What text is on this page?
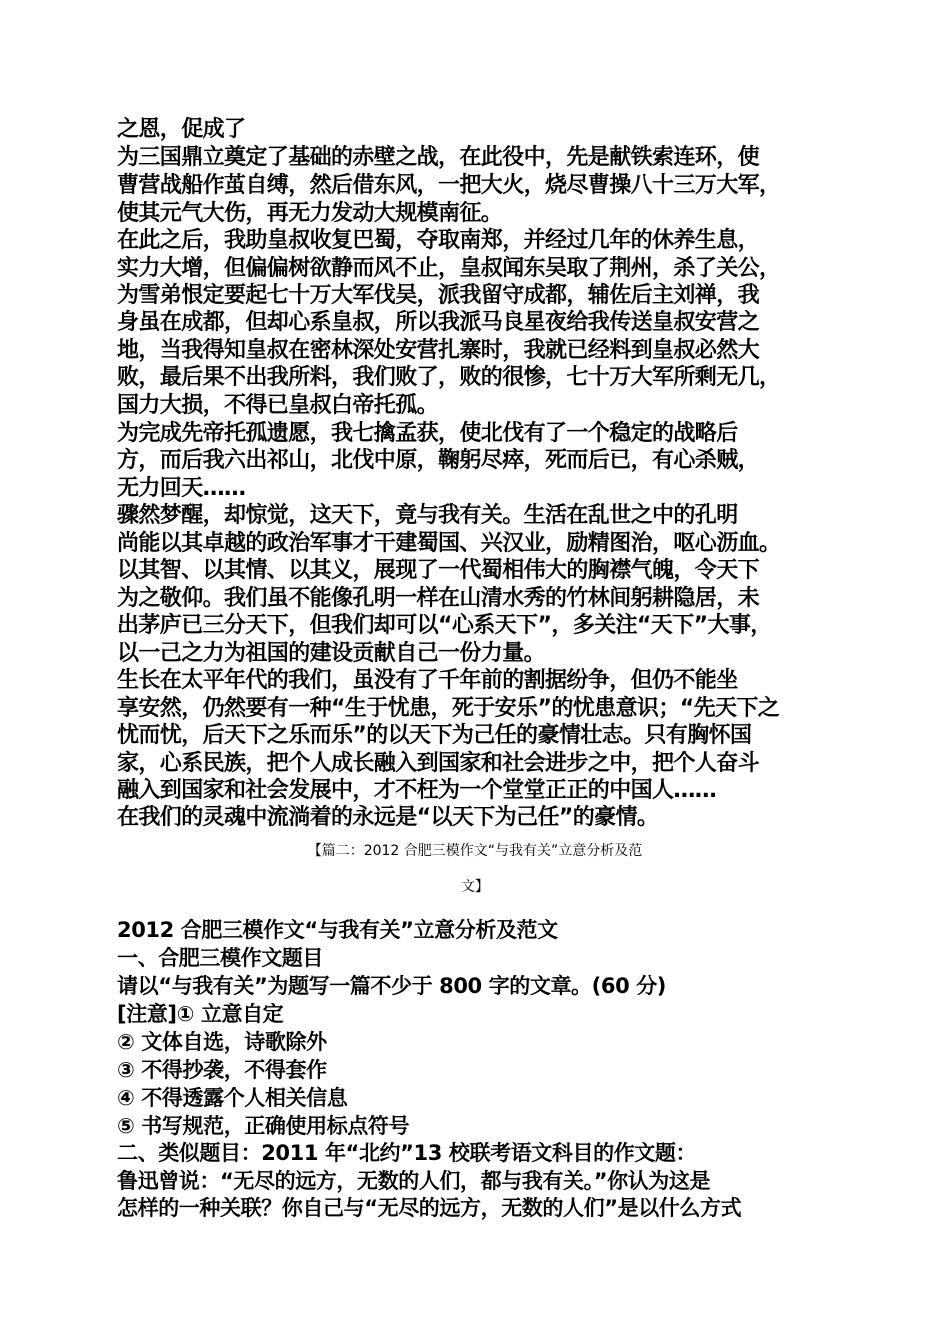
之恩，促成了

为三国鼎立奠定了基础的赤壁之战，在此役中，先是献铁索连环，使

曹营战船作茧自缚，然后借东风，一把大火，烧尽曹操八十三万大军，

使其元气大伤，再无力发动大规模南征。

在此之后，我助皇叔收复巴蜀，夺取南郑，并经过几年的休养生息，

实力大增，但偏偏树欲静而风不止，皇叔闻东吴取了荆州，杀了关公，

为雪弟恨定要起七十万大军伐吴，派我留守成都，辅佐后主刘禅，我

身虽在成都，但却心系皇叔，所以我派马良星夜给我传送皇叔安营之

地，当我得知皇叔在密林深处安营扎寨时，我就已经料到皇叔必然大

败，最后果不出我所料，我们败了，败的很惨，七十万大军所剩无几，

国力大损，不得已皇叔白帝托孤。

为完成先帝托孤遗愿，我七擒孟获，使北伐有了一个稳定的战略后

方，而后我六出祁山，北伐中原，鞠躬尽瘁，死而后已，有心杀贼，

无力回天……

骤然梦醒，却惊觉，这天下，竟与我有关。生活在乱世之中的孔明

尚能以其卓越的政治军事才干建蜀国、兴汉业，励精图治，呕心沥血。

以其智、以其情、以其义，展现了一代蜀相伟大的胸襟气魄，令天下

为之敬仰。我们虽不能像孔明一样在山清水秀的竹林间躬耕隐居，未

出茅庐已三分天下，但我们却可以“心系天下”，多关注“天下”大事，

以一己之力为祖国的建设贡献自己一份力量。

生长在太平年代的我们，虽没有了千年前的割据纷争，但仍不能坐

享安然，仍然要有一种“生于忧患，死于安乐”的忧患意识；“先天下之

忧而忧，后天下之乐而乐”的以天下为己任的豪情壮志。只有胸怀国

家，心系民族，把个人成长融入到国家和社会进步之中，把个人奋斗

融入到国家和社会发展中，才不枉为一个堂堂正正的中国人……

在我们的灵魂中流淌着的永远是“以天下为己任”的豪情。

【篇二：2012 合肥三模作文“与我有关”立意分析及范

文】

2012 合肥三模作文“与我有关”立意分析及范文

一、合肥三模作文题目

请以“与我有关”为题写一篇不少于 800 字的文章。(60 分)

[注意]① 立意自定

② 文体自选，诗歌除外

③ 不得抄袭，不得套作

④ 不得透露个人相关信息

⑤ 书写规范，正确使用标点符号

二、类似题目：2011 年“北约”13 校联考语文科目的作文题：

鲁迅曾说：“无尽的远方，无数的人们，都与我有关。”你认为这是

怎样的一种关联？你自己与“无尽的远方，无数的人们”是以什么方式
